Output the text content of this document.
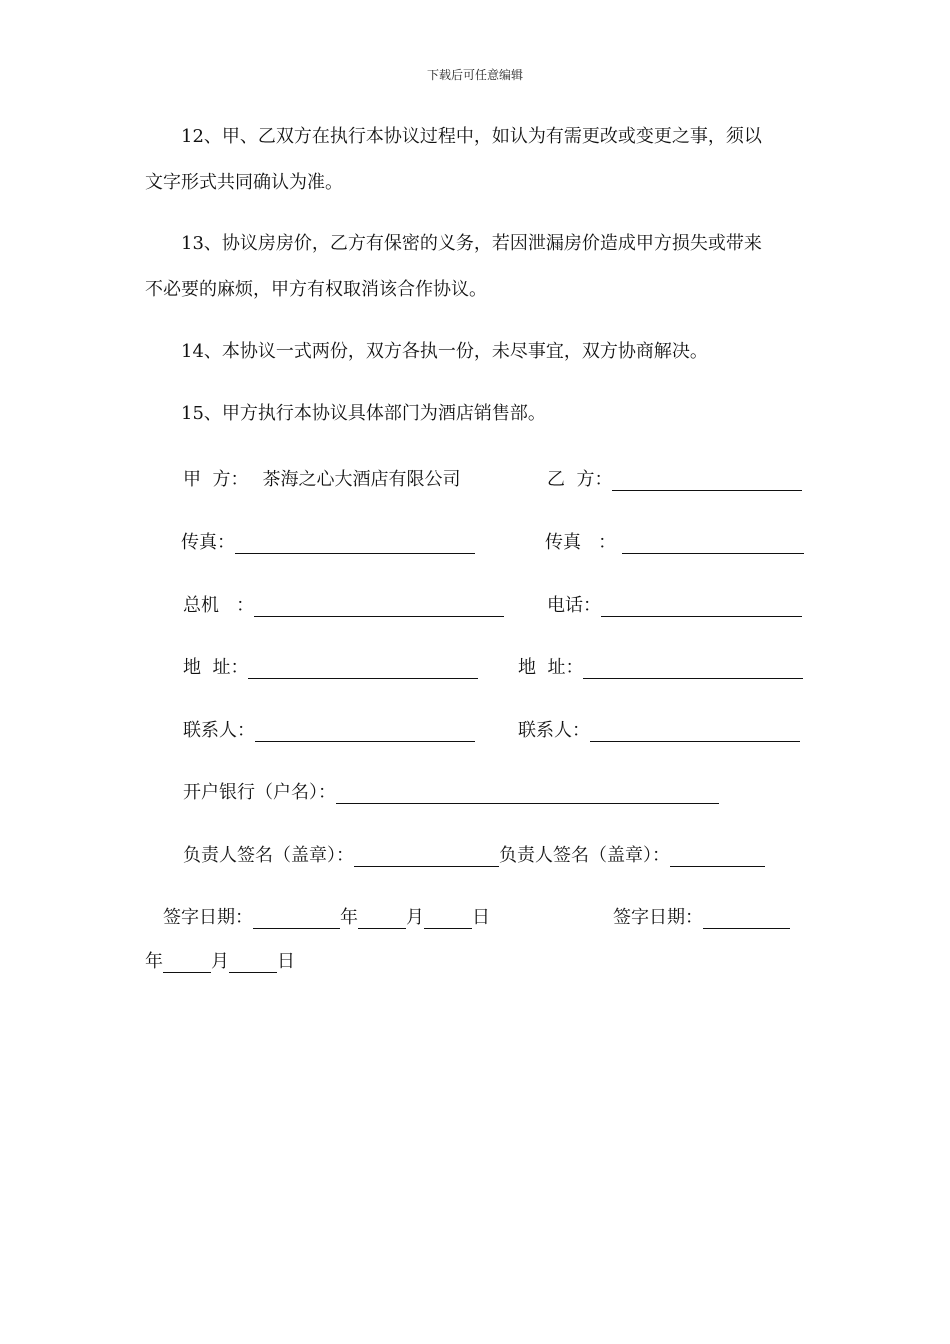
下载后可任意编辑

12、甲、乙双方在执行本协议过程中，如认为有需更改或变更之事，须以

文字形式共同确认为准。

13、协议房房价，乙方有保密的义务，若因泄漏房价造成甲方损失或带来

不必要的麻烦，甲方有权取消该合作协议。

14、本协议一式两份，双方各执一份，未尽事宜，双方协商解决。

15、甲方执行本协议具体部门为酒店销售部。

甲  方： 茶海之心大酒店有限公司	乙  方：
传真：	传真   ：
总机   ：	电话：
地  址：	地  址：
联系人：	联系人：
开户银行（户名）：
负责人签名（盖章）：	负责人签名（盖章）：
签字日期：	年	月	日	签字日期：
年	月	日
